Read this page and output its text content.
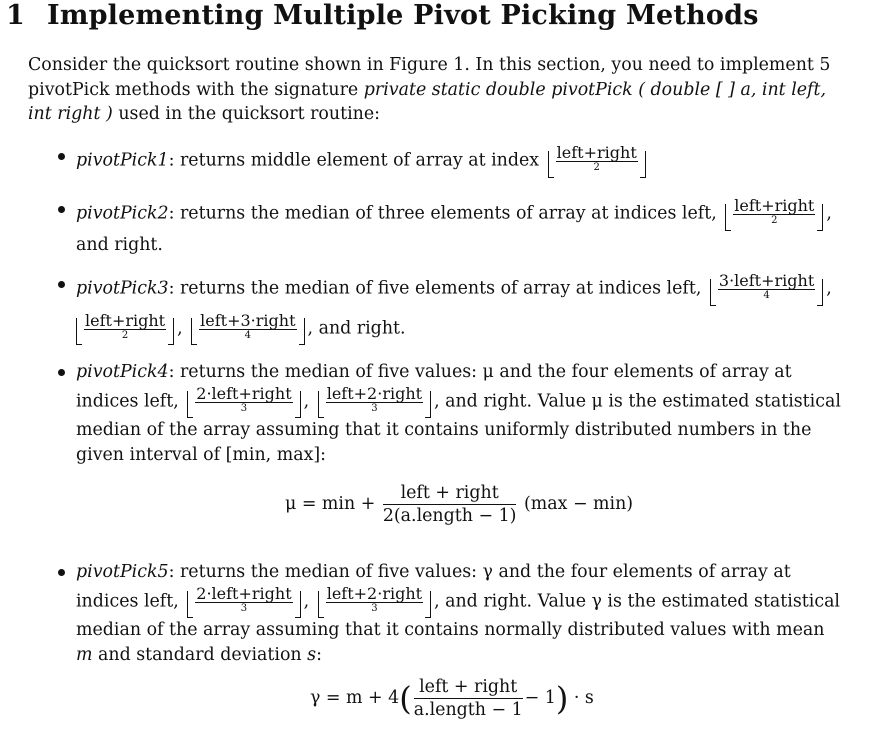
1 Implementing Multiple Pivot Picking Methods
Consider the quicksort routine shown in Figure 1. In this section, you need to implement 5
pivotPick methods with the signature private static double pivotPick ( double [ ] a, int left,
int right ) used in the quicksort routine:
pivotPick1: returns middle element of array at index left+right
2
pivotPick2: returns the median of three elements of array at indices left, left+right
2	,
and right.
pivotPick3: returns the median of five elements of array at indices left, 3·left+right
4	,
left+right
2	, left+3·right
4	, and right.
pivotPick4: returns the median of five values: μ and the four elements of array at
indices left, 2·left+right
3	, left+2·right
3	, and right. Value μ is the estimated statistical
median of the array assuming that it contains uniformly distributed numbers in the
given interval of [min, max]:
$\mu = \min + \frac{\text{left + right}}{\text{2(a.length − 1)}} (\max - \min)$
pivotPick5: returns the median of five values: γ and the four elements of array at
indices left, 2·left+right
3	, left+2·right
3	, and right. Value γ is the estimated statistical
median of the array assuming that it contains normally distributed values with mean
m and standard deviation s:
$\gamma = m + 4( \frac{\text{left + right}}{\text{a.length − 1}} - 1) \cdot s$
